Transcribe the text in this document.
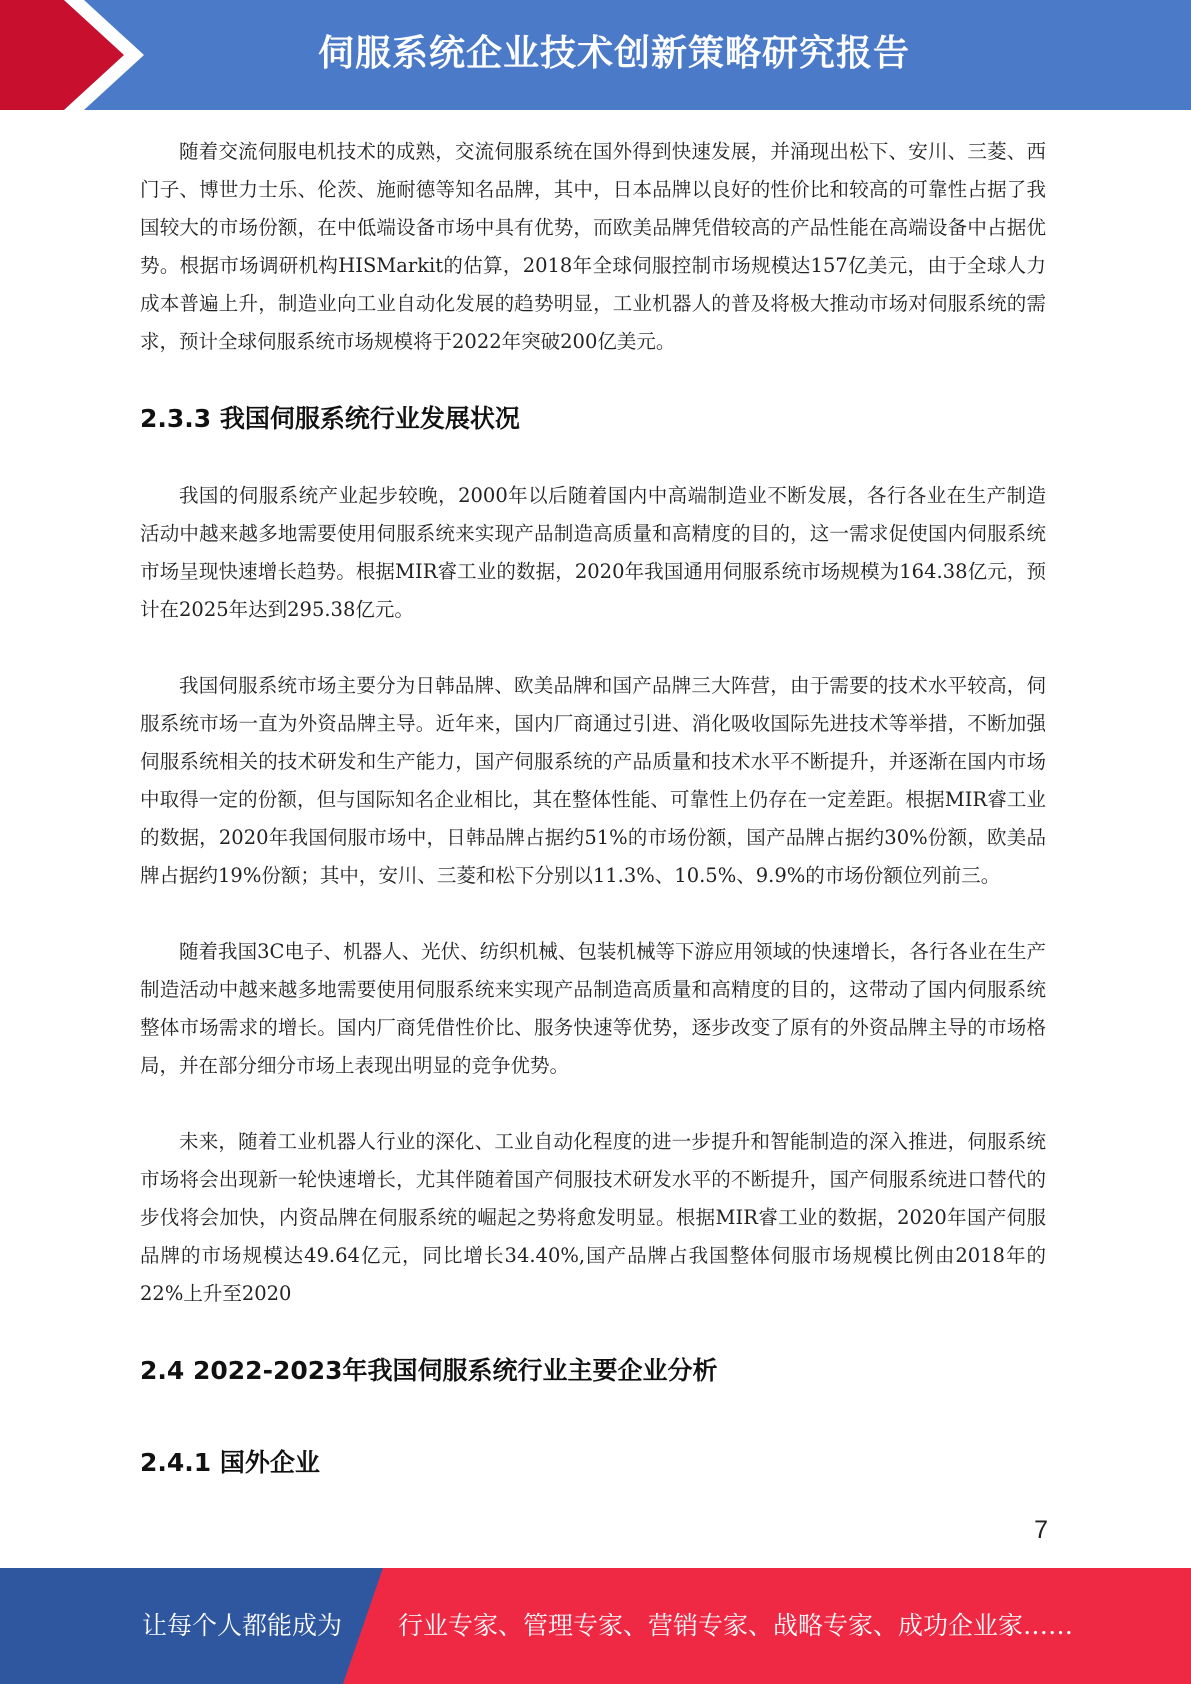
伺服系统企业技术创新策略研究报告

随着交流伺服电机技术的成熟，交流伺服系统在国外得到快速发展，并涌现出松下、安川、三菱、西门子、博世力士乐、伦茨、施耐德等知名品牌，其中，日本品牌以良好的性价比和较高的可靠性占据了我国较大的市场份额，在中低端设备市场中具有优势，而欧美品牌凭借较高的产品性能在高端设备中占据优势。根据市场调研机构HISMarkit的估算，2018年全球伺服控制市场规模达157亿美元，由于全球人力成本普遍上升，制造业向工业自动化发展的趋势明显，工业机器人的普及将极大推动市场对伺服系统的需求，预计全球伺服系统市场规模将于2022年突破200亿美元。

2.3.3 我国伺服系统行业发展状况

我国的伺服系统产业起步较晚，2000年以后随着国内中高端制造业不断发展，各行各业在生产制造活动中越来越多地需要使用伺服系统来实现产品制造高质量和高精度的目的，这一需求促使国内伺服系统市场呈现快速增长趋势。根据MIR睿工业的数据，2020年我国通用伺服系统市场规模为164.38亿元，预计在2025年达到295.38亿元。

我国伺服系统市场主要分为日韩品牌、欧美品牌和国产品牌三大阵营，由于需要的技术水平较高，伺服系统市场一直为外资品牌主导。近年来，国内厂商通过引进、消化吸收国际先进技术等举措，不断加强伺服系统相关的技术研发和生产能力，国产伺服系统的产品质量和技术水平不断提升，并逐渐在国内市场中取得一定的份额，但与国际知名企业相比，其在整体性能、可靠性上仍存在一定差距。根据MIR睿工业的数据，2020年我国伺服市场中，日韩品牌占据约51%的市场份额，国产品牌占据约30%份额，欧美品牌占据约19%份额；其中，安川、三菱和松下分别以11.3%、10.5%、9.9%的市场份额位列前三。

随着我国3C电子、机器人、光伏、纺织机械、包装机械等下游应用领域的快速增长，各行各业在生产制造活动中越来越多地需要使用伺服系统来实现产品制造高质量和高精度的目的，这带动了国内伺服系统整体市场需求的增长。国内厂商凭借性价比、服务快速等优势，逐步改变了原有的外资品牌主导的市场格局，并在部分细分市场上表现出明显的竞争优势。

未来，随着工业机器人行业的深化、工业自动化程度的进一步提升和智能制造的深入推进，伺服系统市场将会出现新一轮快速增长，尤其伴随着国产伺服技术研发水平的不断提升，国产伺服系统进口替代的步伐将会加快，内资品牌在伺服系统的崛起之势将愈发明显。根据MIR睿工业的数据，2020年国产伺服品牌的市场规模达49.64亿元，同比增长34.40%,国产品牌占我国整体伺服市场规模比例由2018年的22%上升至2020

2.4 2022-2023年我国伺服系统行业主要企业分析
2.4.1 国外企业
7
让每个人都能成为 行业专家、管理专家、营销专家、战略专家、成功企业家……
